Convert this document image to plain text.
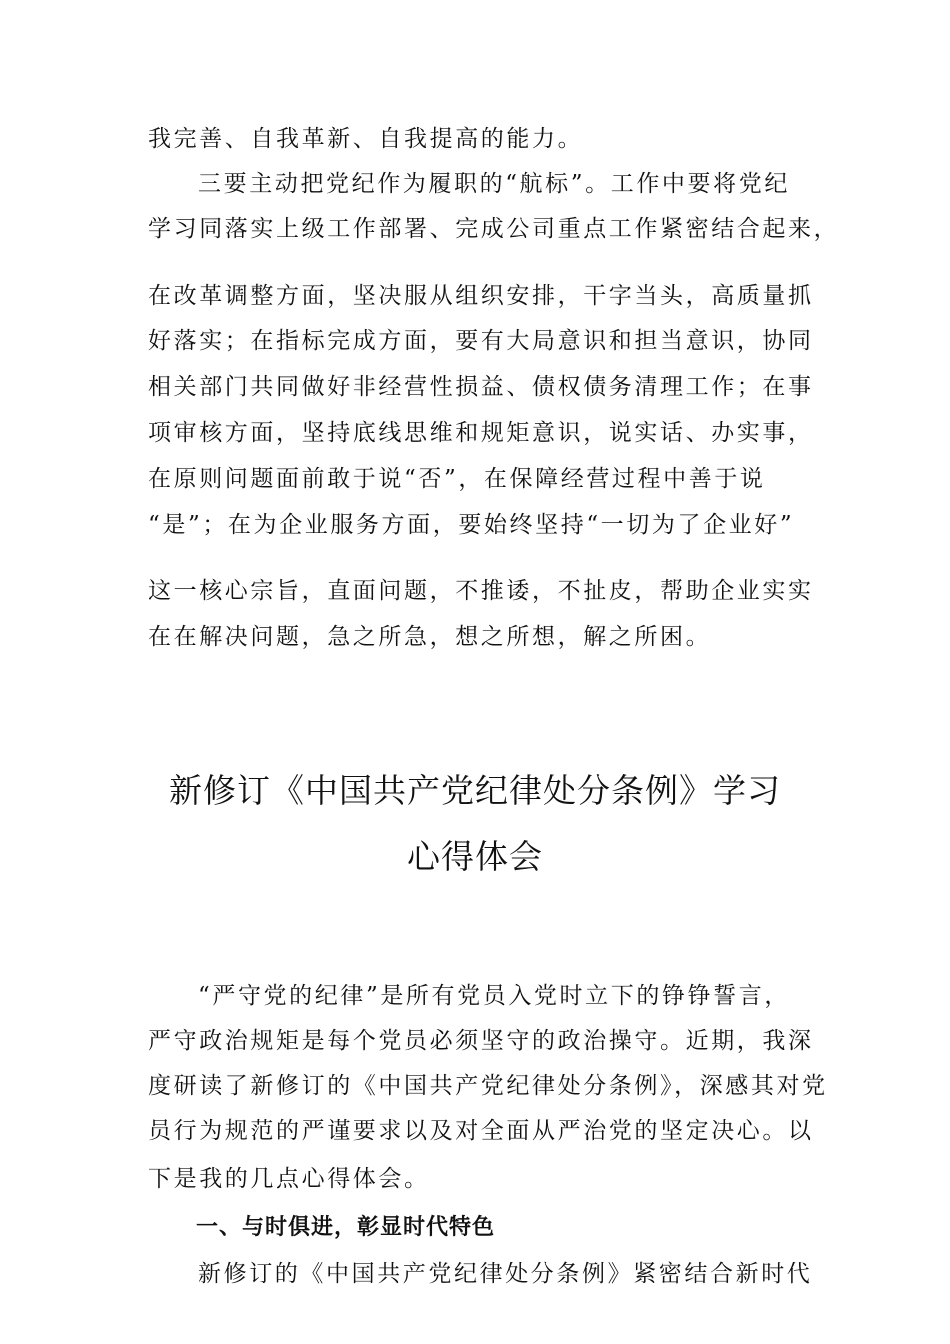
我完善、自我革新、自我提高的能力。
三要主动把党纪作为履职的“航标”。工作中要将党纪
学习同落实上级工作部署、完成公司重点工作紧密结合起来，
在改革调整方面，坚决服从组织安排，干字当头，高质量抓
好落实；在指标完成方面，要有大局意识和担当意识，协同
相关部门共同做好非经营性损益、债权债务清理工作；在事
项审核方面，坚持底线思维和规矩意识，说实话、办实事，
在原则问题面前敢于说“否”，在保障经营过程中善于说
“是”；在为企业服务方面，要始终坚持“一切为了企业好”
这一核心宗旨，直面问题，不推诿，不扯皮，帮助企业实实
在在解决问题，急之所急，想之所想，解之所困。
新修订《中国共产党纪律处分条例》学习
心得体会
“严守党的纪律”是所有党员入党时立下的铮铮誓言，
严守政治规矩是每个党员必须坚守的政治操守。近期，我深
度研读了新修订的《中国共产党纪律处分条例》，深感其对党
员行为规范的严谨要求以及对全面从严治党的坚定决心。以
下是我的几点心得体会。
一、与时俱进，彰显时代特色
新修订的《中国共产党纪律处分条例》紧密结合新时代
